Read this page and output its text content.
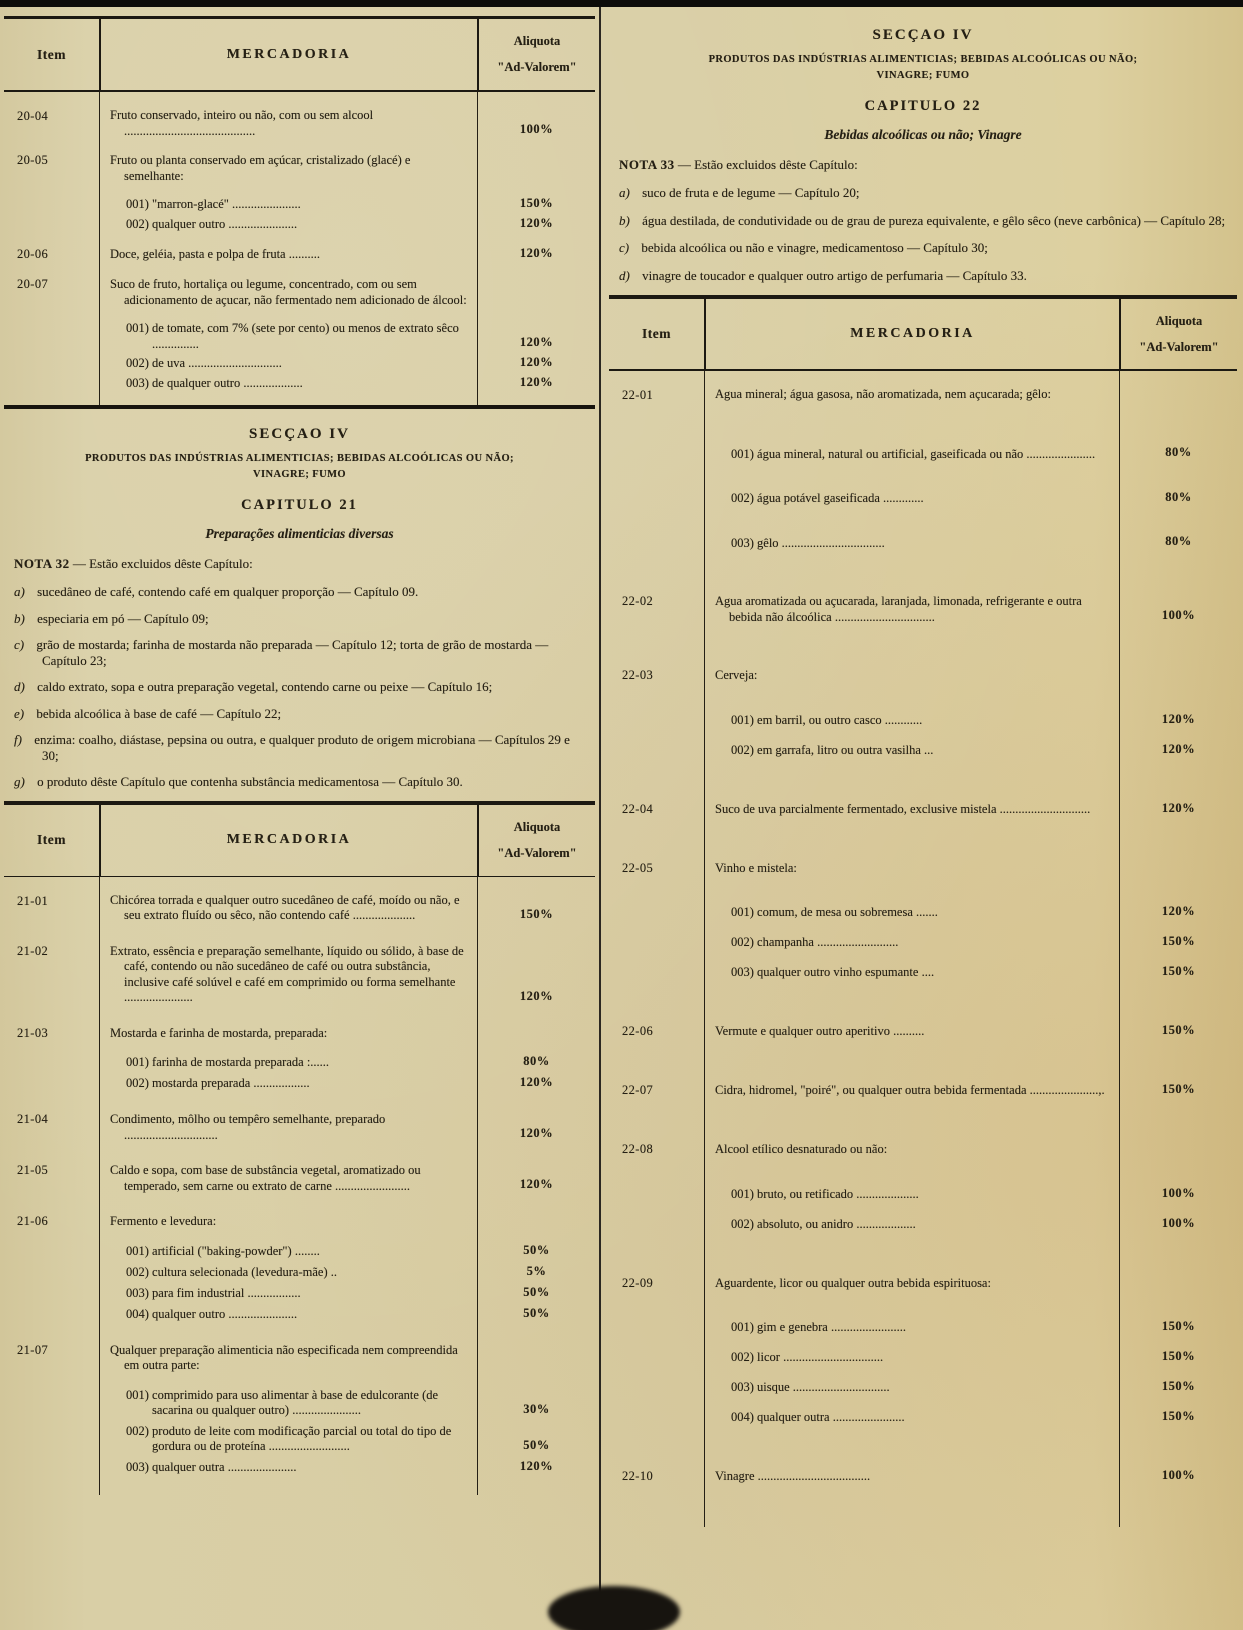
Item	MERCADORIA
Aliquota
"Ad-Valorem"
20-04	Fruto conservado, inteiro ou não, com ou sem alcool ..........................................	100%
20-05	Fruto ou planta conservado em açúcar, cristalizado (glacé) e semelhante:
001) "marron-glacé" ......................	150%
002) qualquer outro ......................	120%
20-06	Doce, geléia, pasta e polpa de fruta ..........	120%
20-07	Suco de fruto, hortaliça ou legume, concentrado, com ou sem adicionamento de açucar, não fermentado nem adicionado de álcool:
001) de tomate, com 7% (sete por cento) ou menos de extrato sêco ...............	120%
002) de uva ..............................	120%
003) de qualquer outro ...................	120%
SECÇAO IV
PRODUTOS DAS INDÚSTRIAS ALIMENTICIAS; BEBIDAS ALCOÓLICAS OU NÃO;
VINAGRE; FUMO
CAPITULO 21
Preparações alimenticias diversas
NOTA 32 — Estão excluidos dêste Capítulo:
a) sucedâneo de café, contendo café em qualquer proporção — Capítulo 09.
b) especiaria em pó — Capítulo 09;
c) grão de mostarda; farinha de mostarda não preparada — Capítulo 12; torta de grão de mostarda — Capítulo 23;
d) caldo extrato, sopa e outra preparação vegetal, contendo carne ou peixe — Capítulo 16;
e) bebida alcoólica à base de café — Capítulo 22;
f) enzima: coalho, diástase, pepsina ou outra, e qualquer produto de origem microbiana — Capítulos 29 e 30;
g) o produto dêste Capítulo que contenha substância medicamentosa — Capítulo 30.
Item	MERCADORIA
Aliquota
"Ad-Valorem"
21-01	Chicórea torrada e qualquer outro sucedâneo de café, moído ou não, e seu extrato fluído ou sêco, não contendo café ....................	150%
21-02	Extrato, essência e preparação semelhante, líquido ou sólido, à base de café, contendo ou não sucedâneo de café ou outra substância, inclusive café solúvel e café em comprimido ou forma semelhante ......................	120%
21-03	Mostarda e farinha de mostarda, preparada:
001) farinha de mostarda preparada :......	80%
002) mostarda preparada ..................	120%
21-04	Condimento, môlho ou tempêro semelhante, preparado ..............................	120%
21-05	Caldo e sopa, com base de substância vegetal, aromatizado ou temperado, sem carne ou extrato de carne ........................	120%
21-06	Fermento e levedura:
001) artificial ("baking-powder") ........	50%
002) cultura selecionada (levedura-mãe) ..	5%
003) para fim industrial .................	50%
004) qualquer outro ......................	50%
21-07	Qualquer preparação alimenticia não especificada nem compreendida em outra parte:
001) comprimido para uso alimentar à base de edulcorante (de sacarina ou qualquer outro) ......................	30%
002) produto de leite com modificação parcial ou total do tipo de gordura ou de proteína ..........................	50%
003) qualquer outra ......................	120%
SECÇAO IV
PRODUTOS DAS INDÚSTRIAS ALIMENTICIAS; BEBIDAS ALCOÓLICAS OU NÃO;
VINAGRE; FUMO
CAPITULO 22
Bebidas alcoólicas ou não; Vinagre
NOTA 33 — Estão excluidos dêste Capítulo:
a) suco de fruta e de legume — Capítulo 20;
b) água destilada, de condutividade ou de grau de pureza equivalente, e gêlo sêco (neve carbônica) — Capítulo 28;
c) bebida alcoólica ou não e vinagre, medicamentoso — Capítulo 30;
d) vinagre de toucador e qualquer outro artigo de perfumaria — Capítulo 33.
Item	MERCADORIA
Aliquota
"Ad-Valorem"
22-01	Agua mineral; água gasosa, não aromatizada, nem açucarada; gêlo:
001) água mineral, natural ou artificial, gaseificada ou não ......................	80%
002) água potável gaseificada .............	80%
003) gêlo .................................	80%
22-02	Agua aromatizada ou açucarada, laranjada, limonada, refrigerante e outra bebida não álcoólica ................................	100%
22-03	Cerveja:
001) em barril, ou outro casco ............	120%
002) em garrafa, litro ou outra vasilha ...	120%
22-04	Suco de uva parcialmente fermentado, exclusive mistela .............................	120%
22-05	Vinho e mistela:
001) comum, de mesa ou sobremesa .......	120%
002) champanha ..........................	150%
003) qualquer outro vinho espumante ....	150%
22-06	Vermute e qualquer outro aperitivo ..........	150%
22-07	Cidra, hidromel, "poiré", ou qualquer outra bebida fermentada ......................,.	150%
22-08	Alcool etílico desnaturado ou não:
001) bruto, ou retificado ....................	100%
002) absoluto, ou anidro ...................	100%
22-09	Aguardente, licor ou qualquer outra bebida espirituosa:
001) gim e genebra ........................	150%
002) licor ................................	150%
003) uisque ...............................	150%
004) qualquer outra .......................	150%
22-10	Vinagre ....................................	100%
